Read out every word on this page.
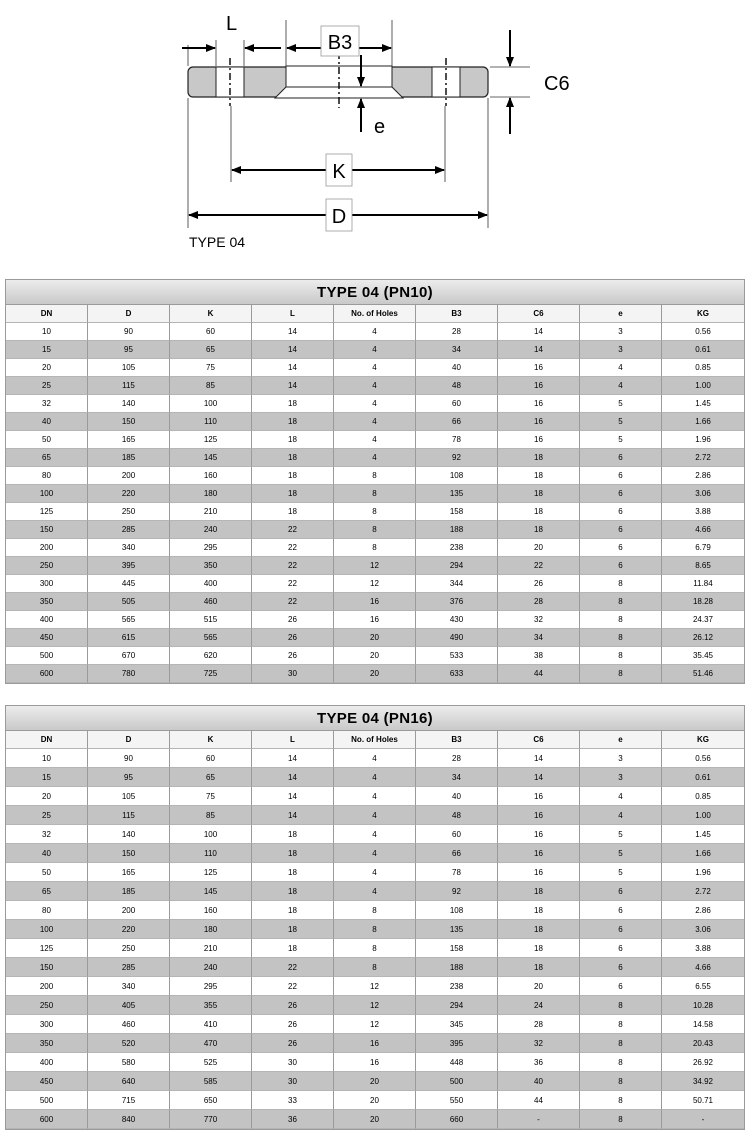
L
B3
C6
e
K
D
TYPE 04
TYPE 04 (PN10)								
DN	D	K	L	No. of Holes	B3	C6	e	KG
10	90	60	14	4	28	14	3	0.56
15	95	65	14	4	34	14	3	0.61
20	105	75	14	4	40	16	4	0.85
25	115	85	14	4	48	16	4	1.00
32	140	100	18	4	60	16	5	1.45
40	150	110	18	4	66	16	5	1.66
50	165	125	18	4	78	16	5	1.96
65	185	145	18	4	92	18	6	2.72
80	200	160	18	8	108	18	6	2.86
100	220	180	18	8	135	18	6	3.06
125	250	210	18	8	158	18	6	3.88
150	285	240	22	8	188	18	6	4.66
200	340	295	22	8	238	20	6	6.79
250	395	350	22	12	294	22	6	8.65
300	445	400	22	12	344	26	8	11.84
350	505	460	22	16	376	28	8	18.28
400	565	515	26	16	430	32	8	24.37
450	615	565	26	20	490	34	8	26.12
500	670	620	26	20	533	38	8	35.45
600	780	725	30	20	633	44	8	51.46
TYPE 04 (PN16)								
DN	D	K	L	No. of Holes	B3	C6	e	KG
10	90	60	14	4	28	14	3	0.56
15	95	65	14	4	34	14	3	0.61
20	105	75	14	4	40	16	4	0.85
25	115	85	14	4	48	16	4	1.00
32	140	100	18	4	60	16	5	1.45
40	150	110	18	4	66	16	5	1.66
50	165	125	18	4	78	16	5	1.96
65	185	145	18	4	92	18	6	2.72
80	200	160	18	8	108	18	6	2.86
100	220	180	18	8	135	18	6	3.06
125	250	210	18	8	158	18	6	3.88
150	285	240	22	8	188	18	6	4.66
200	340	295	22	12	238	20	6	6.55
250	405	355	26	12	294	24	8	10.28
300	460	410	26	12	345	28	8	14.58
350	520	470	26	16	395	32	8	20.43
400	580	525	30	16	448	36	8	26.92
450	640	585	30	20	500	40	8	34.92
500	715	650	33	20	550	44	8	50.71
600	840	770	36	20	660	-	8	-
